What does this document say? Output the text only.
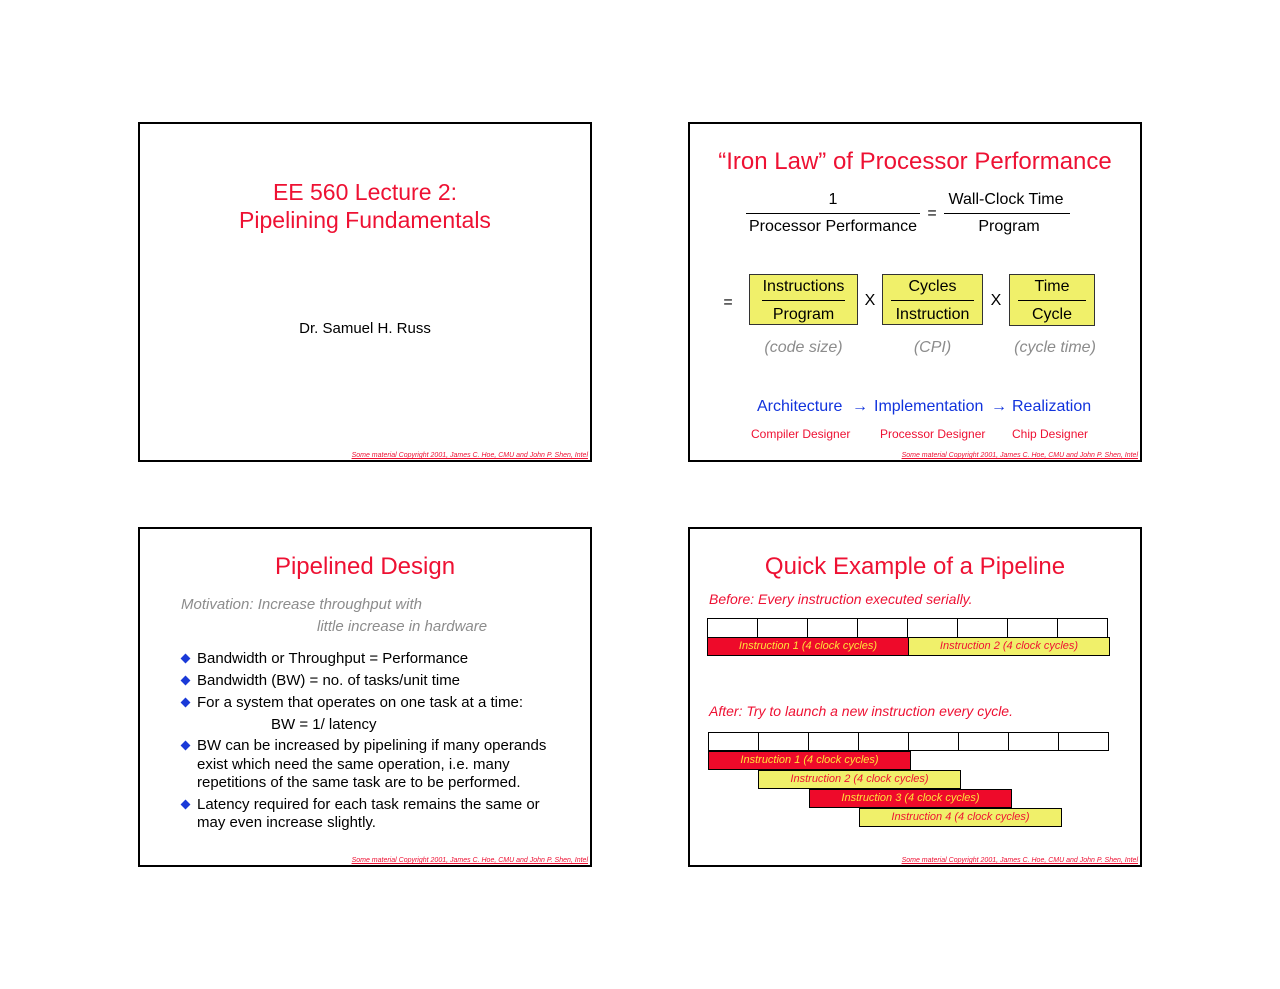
EE 560 Lecture 2:
Pipelining Fundamentals
Dr. Samuel H. Russ
Some material Copyright 2001, James C. Hoe, CMU and John P. Shen, Intel
“Iron Law” of Processor Performance
1
Processor Performance
=
Wall-Clock Time
Program
=
Instructions
Program
X
Cycles
Instruction
X
Time
Cycle
(code size)	(CPI)	(cycle time)
Architecture → Implementation → Realization
Compiler Designer Processor Designer Chip Designer
Some material Copyright 2001, James C. Hoe, CMU and John P. Shen, Intel
Pipelined Design
Motivation: Increase throughput with
little increase in hardware
Bandwidth or Throughput = Performance
Bandwidth (BW) = no. of tasks/unit time
For a system that operates on one task at a time:
BW = 1/ latency
BW can be increased by pipelining if many operands
exist which need the same operation, i.e. many
repetitions of the same task are to be performed.
Latency required for each task remains the same or
may even increase slightly.
Some material Copyright 2001, James C. Hoe, CMU and John P. Shen, Intel
Quick Example of a Pipeline
Before: Every instruction executed serially.
Instruction 1 (4 clock cycles)	Instruction 2 (4 clock cycles)
After: Try to launch a new instruction every cycle.
Instruction 1 (4 clock cycles)
Instruction 2 (4 clock cycles)
Instruction 3 (4 clock cycles)
Instruction 4 (4 clock cycles)
Some material Copyright 2001, James C. Hoe, CMU and John P. Shen, Intel
